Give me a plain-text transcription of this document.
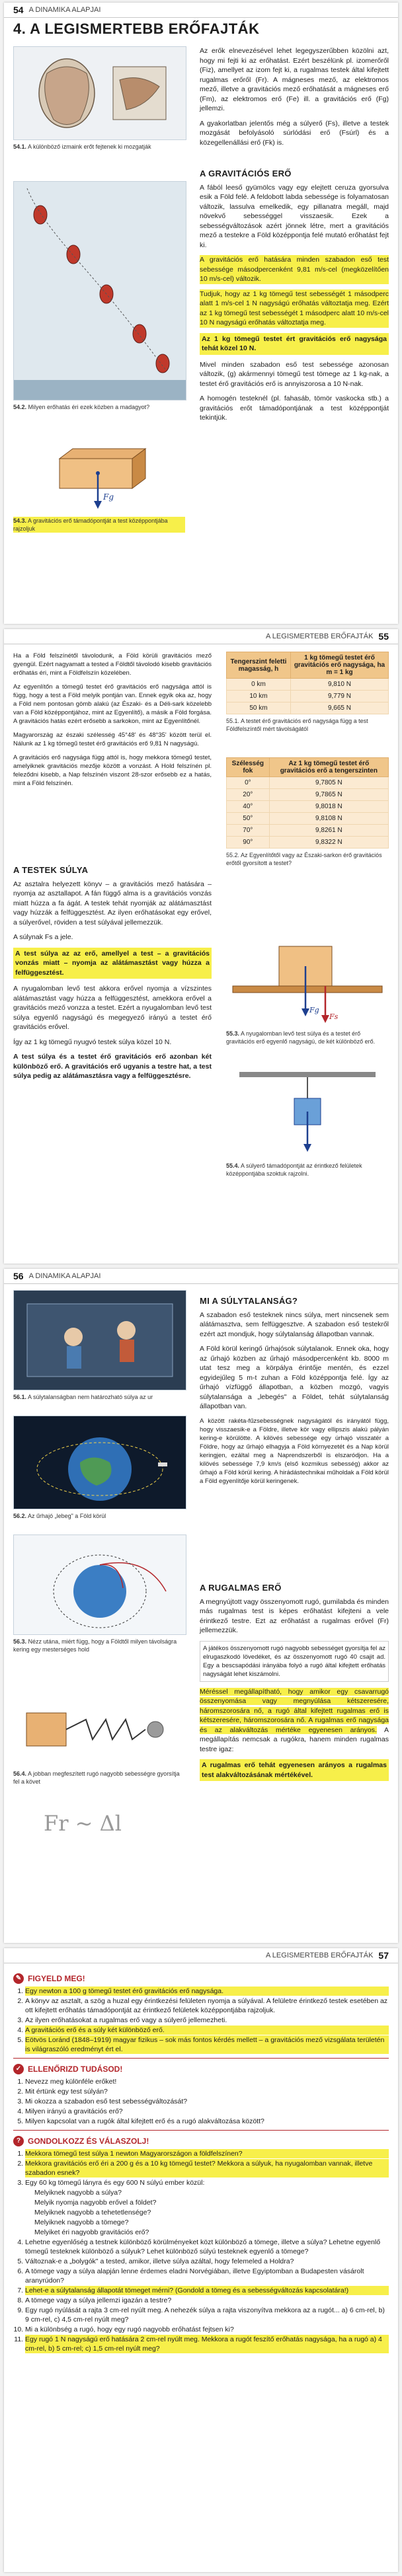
54 A DINAMIKA ALAPJAI
4. A LEGISMERTEBB ERŐFAJTÁK
54.1. A különböző izmaink erőt fejtenek ki mozgatják

Az erők elnevezésével lehet legegyszerűbben közölni azt, hogy mi fejti ki az erőhatást. Ezért beszélünk pl. izomerőről (Fiz), amellyet az izom fejt ki, a rugalmas testek által kifejtett rugalmas erőről (Fr). A mágneses mező, az elektromos mező, illetve a gravitációs mező erőhatását a mágneses erő (Fm), az elektromos erő (Fe) ill. a gravitációs erő (Fg) jellemzi.

A gyakorlatban jelentős még a súlyerő (Fs), illetve a testek mozgását befolyásoló súrlódási erő (Fsúrl) és a közegellenállási erő (Fk) is.

54.2. Milyen erőhatás éri ezek közben a madagyot?
Fg
54.3. A gravitációs erő támadópontját a test középpontjába rajzoljuk
A GRAVITÁCIÓS ERŐ

A fából leeső gyümölcs vagy egy elejtett ceruza gyorsulva esik a Föld felé. A feldobott labda sebessége is folyamatosan változik, lassulva emelkedik, egy pillanatra megáll, majd növekvő sebességgel visszaesik. Ezek a sebességváltozások azért jönnek létre, mert a gravitációs mező a testekre a Föld középpontja felé mutató erőhatást fejt ki.

A gravitációs erő hatására minden szabadon eső test sebessége másodpercenként 9,81 m/s-cel (megközelítően 10 m/s-cel) változik.

Tudjuk, hogy az 1 kg tömegű test sebességét 1 másodperc alatt 1 m/s-cel 1 N nagyságú erőhatás változtatja meg. Ezért az 1 kg tömegű test sebességét 1 másodperc alatt 10 m/s-cel 10 N nagyságú erőhatás változtatja meg.

Az 1 kg tömegű testet ért gravitációs erő nagysága tehát közel 10 N.

Mivel minden szabadon eső test sebessége azonosan változik, (g) akármennyi tömegű test tömege az 1 kg-nak, a testet érő gravitációs erő is annyiszorosa a 10 N-nak.

A homogén testeknél (pl. fahasáb, tömör vaskocka stb.) a gravitációs erőt támadópontjának a test középpontját tekintjük.

A LEGISMERTEBB ERŐFAJTÁK 55

Ha a Föld felszínétől távolodunk, a Föld körüli gravitációs mező gyengül. Ezért nagyamatt a tested a Földtől távolodó kisebb gravitációs erőhatás éri, mint a Földfelszín közelében.

Az egyenlítőn a tömegű testet érő gravitációs erő nagysága attól is függ, hogy a test a Föld melyik pontján van. Ennek egyik oka az, hogy a Föld nem pontosan gömb alakú (az Északi- és a Déli-sark közelebb van a Föld középpontjához, mint az Egyenlítő), a másik a Föld forgása. A gravitációs hatás ezért erősebb a sarkokon, mint az Egyenlítőnél.

Magyarország az északi szélesség 45°48' és 48°35' között terül el. Nálunk az 1 kg tömegű testet érő gravitációs erő 9,81 N nagyságú.

A gravitációs erő nagysága függ attól is, hogy mekkora tömegű testet, amelyiknek gravitációs mezője között a vonzást. A Hold felszínén pl. feleződni kisebb, a Nap felszínén viszont 28-szor erősebb ez a hatás, mint a Föld felszínén.

Tengerszint feletti magasság, h	1 kg tömegű testet érő gravitációs erő nagysága, ha m = 1 kg
0 km	9,810 N
10 km	9,779 N
50 km	9,665 N
55.1. A testet érő gravitációs erő nagysága függ a test Földfelszíntől mért távolságától
Szélesség fok	Az 1 kg tömegű testet érő gravitációs erő a tengerszinten
0°	9,7805 N
20°	9,7865 N
40°	9,8018 N
50°	9,8108 N
70°	9,8261 N
90°	9,8322 N
55.2. Az Egyenlítőtől vagy az Északi-sarkon érő gravitációs erőtől gyorsított a testet?
A TESTEK SÚLYA

Az asztalra helyezett könyv – a gravitációs mező hatására – nyomja az asztallapot. A fán függő alma is a gravitációs vonzás miatt húzza a fa ágát. A testek tehát nyomják az alátámasztást vagy húzzák a felfüggesztést. Az ilyen erőhatásokat egy erővel, a súlyerővel, röviden a test súlyával jellemezzük.

A súlynak Fs a jele.

A test súlya az az erő, amellyel a test – a gravitációs vonzás miatt – nyomja az alátámasztást vagy húzza a felfüggesztést.

A nyugalomban levő test akkora erővel nyomja a vízszintes alátámasztást vagy húzza a felfüggesztést, amekkora erővel a gravitációs mező vonzza a testet. Ezért a nyugalomban levő test súlya egyenlő nagyságú és megegyező irányú a testet érő gravitációs erővel.

Így az 1 kg tömegű nyugvó testek súlya közel 10 N.

A test súlya és a testet érő gravitációs erő azonban két különböző erő. A gravitációs erő ugyanis a testre hat, a test súlya pedig az alátámasztásra vagy a felfüggesztésre.

Fg
Fs
55.3. A nyugalomban levő test súlya és a testet érő gravitációs erő egyenlő nagyságú, de két különböző erő.
55.4. A súlyerő támadópontját az érintkező felületek középpontjába szoktuk rajzolni.
56 A DINAMIKA ALAPJAI
56.1. A súlytalanságban nem határozható súlya az ur
56.2. Az űrhajó „lebeg" a Föld körül
56.3. Nézz utána, miért függ, hogy a Földtől milyen távolságra kering egy mesterséges hold
56.4. A jobban megfeszített rugó nagyobb sebességre gyorsítja fel a követ
Fr ~ Δl
MI A SÚLYTALANSÁG?

A szabadon eső testeknek nincs súlya, mert nincsenek sem alátámasztva, sem felfüggesztve. A szabadon eső testekről ezért azt mondjuk, hogy súlytalanság állapotban vannak.

A Föld körül keringő űrhajósok súlytalanok. Ennek oka, hogy az űrhajó közben az űrhajó másodpercenként kb. 8000 m utat tesz meg a körpálya érintője mentén, és ezzel egyidejűleg 5 m-t zuhan a Föld középpontja felé. Így az űrhajó vízfüggő állapotban, a közben mozgó, vagyis súlytalansága a „lebegés" a Földet, tehát súlytalanság állapotban van.

A között rakéta-fűzsebességnek nagyságától és irányától függ, hogy visszaesik-e a Földre, illetve kör vagy ellipszis alakú pályán kering-e körülötte. A kilövés sebessége egy úrhajó visszatér a Földre, hogy az űrhajó elhagyja a Föld környezetét és a Nap körül keringjen, ezáltal meg a Naprendszerből is elszaródjon. Ha a kilövés sebessége 7,9 km/s (első kozmikus sebesség) akkor az űrhajó a Föld körül kering. A hirádástechnikai műholdak a Föld körül a Föld egyenlítője körül keringenek.

A RUGALMAS ERŐ

A megnyújtott vagy összenyomott rugó, gumilabda és minden más rugalmas test is képes erőhatást kifejteni a vele érintkező testre. Ezt az erőhatást a rugalmas erővel (Fr) jellemezzük.

A játékos összenyomott rugó nagyobb sebességet gyorsítja fel az elrugaszkodó lövedéket, és az összenyomott rugó 40 csajit ad. Egy a bescsapódási irányába folyó a rugó által kifejtett erőhatás nagyságát lehet kiszámolni.

Méréssel megállapítható, hogy amikor egy csavarrugó összenyomása vagy megnyúlása kétszeresére, háromszorosára nő, a rugó által kifejtett rugalmas erő is kétszeresére, háromszorosára nő. A rugalmas erő nagysága és az alakváltozás mértéke egyenesen arányos. A megállapítás nemcsak a rugókra, hanem minden rugalmas testre igaz:

A rugalmas erő tehát egyenesen arányos a rugalmas test alakváltozásának mértékével.

A LEGISMERTEBB ERŐFAJTÁK 57
✎ FIGYELD MEG!
1. Egy newton a 100 g tömegű testet érő gravitációs erő nagysága.
2. A könyv az asztalt, a szög a huzal egy érintkezési felületen nyomja a súlyával. A felületre érintkező testek esetében az ott kifejtett erőhatás támadópontját az érintkező felületek középpontjába rajzoljuk.
3. Az ilyen erőhatásokat a rugalmas erő vagy a súlyerő jellemezheti.
4. A gravitációs erő és a súly két különböző erő.
5. Eötvös Loránd (1848–1919) magyar fizikus – sok más fontos kérdés mellett – a gravitációs mező vizsgálata területén is világraszóló eredményt ért el.
✓ ELLENŐRIZD TUDÁSOD!
1. Nevezz meg különféle erőket!
2. Mit értünk egy test súlyán?
3. Mi okozza a szabadon eső test sebességváltozását?
4. Milyen irányú a gravitációs erő?
5. Milyen kapcsolat van a rugók által kifejtett erő és a rugó alakváltozása között?
? GONDOLKOZZ ÉS VÁLASZOLJ!
1. Mekkora tömegű test súlya 1 newton Magyarországon a földfelszínen?
2. Mekkora gravitációs erő éri a 200 g és a 10 kg tömegű testet? Mekkora a súlyuk, ha nyugalomban vannak, illetve szabadon esnek?
3. Egy 60 kg tömegű lányra és egy 600 N súlyú ember közül:
Melyiknek nagyobb a súlya?
Melyik nyomja nagyobb erővel a földet?
Melyiknek nagyobb a tehetetlensége?
Melyiknek nagyobb a tömege?
Melyiket éri nagyobb gravitációs erő?
4. Lehetne egyenlőség a testnek különböző körülményeket közt különböző a tömege, illetve a súlya? Lehetne egyenlő tömegű testeknek különböző a súlyuk? Lehet különböző súlyú testeknek egyenlő a tömege?
5. Változnak-e a „bolygók" a tested, amikor, illetve súlya azáltal, hogy felemeled a Holdra?
6. A tömege vagy a súlya alapján lenne érdemes eladni Norvégiában, illetve Egyiptomban a Budapesten vásárolt aranyrúdon?
7. Lehet-e a súlytalanság állapotát tömeget mérni? (Gondold a tömeg és a sebességváltozás kapcsolatára!)
8. A tömege vagy a súlya jellemzi igazán a testre?
9. Egy rugó nyúlását a rajta 3 cm-rel nyúlt meg. A nehezék súlya a rajta viszonyítva mekkora az a rugót... a) 6 cm-rel, b) 9 cm-rel, c) 4,5 cm-rel nyúlt meg?
10. Mi a különbség a rugó, hogy egy rugó nagyobb erőhatást fejtsen ki?
11. Egy rugó 1 N nagyságú erő hatására 2 cm-rel nyúlt meg. Mekkora a rugót feszítő erőhatás nagysága, ha a rugó a) 4 cm-rel, b) 5 cm-rel; c) 1,5 cm-rel nyúlt meg?
